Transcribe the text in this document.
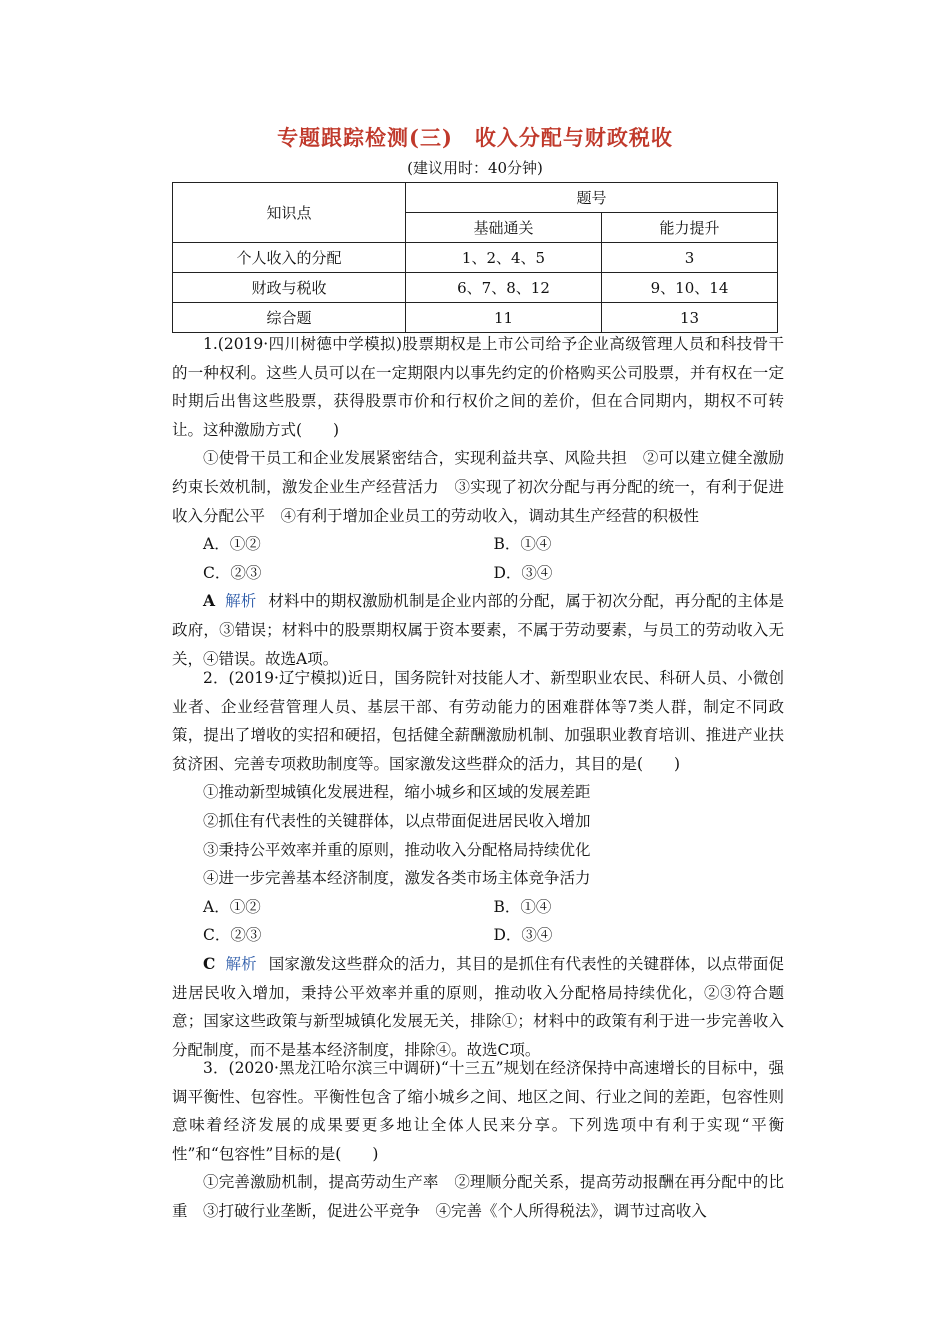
专题跟踪检测(三)　收入分配与财政税收
(建议用时：40分钟)
知识点	题号	
	基础通关	能力提升
个人收入的分配	1、2、4、5	3
财政与税收	6、7、8、12	9、10、14
综合题	11	13

1.(2019·四川树德中学模拟)股票期权是上市公司给予企业高级管理人员和科技骨干的一种权利。这些人员可以在一定期限内以事先约定的价格购买公司股票，并有权在一定时期后出售这些股票，获得股票市价和行权价之间的差价，但在合同期内，期权不可转让。这种激励方式(　　)

①使骨干员工和企业发展紧密结合，实现利益共享、风险共担　②可以建立健全激励约束长效机制，激发企业生产经营活力　③实现了初次分配与再分配的统一，有利于促进收入分配公平　④有利于增加企业员工的劳动收入，调动其生产经营的积极性

A．①②	B．①④
C．②③	D．③④

A 解析 材料中的期权激励机制是企业内部的分配，属于初次分配，再分配的主体是政府，③错误；材料中的股票期权属于资本要素，不属于劳动要素，与员工的劳动收入无关，④错误。故选A项。

2．(2019·辽宁模拟)近日，国务院针对技能人才、新型职业农民、科研人员、小微创业者、企业经营管理人员、基层干部、有劳动能力的困难群体等7类人群，制定不同政策，提出了增收的实招和硬招，包括健全薪酬激励机制、加强职业教育培训、推进产业扶贫济困、完善专项救助制度等。国家激发这些群众的活力，其目的是(　　)

①推动新型城镇化发展进程，缩小城乡和区域的发展差距

②抓住有代表性的关键群体，以点带面促进居民收入增加

③秉持公平效率并重的原则，推动收入分配格局持续优化

④进一步完善基本经济制度，激发各类市场主体竞争活力

A．①②	B．①④
C．②③	D．③④

C 解析 国家激发这些群众的活力，其目的是抓住有代表性的关键群体，以点带面促进居民收入增加，秉持公平效率并重的原则，推动收入分配格局持续优化，②③符合题意；国家这些政策与新型城镇化发展无关，排除①；材料中的政策有利于进一步完善收入分配制度，而不是基本经济制度，排除④。故选C项。

3．(2020·黑龙江哈尔滨三中调研)“十三五”规划在经济保持中高速增长的目标中，强调平衡性、包容性。平衡性包含了缩小城乡之间、地区之间、行业之间的差距，包容性则意味着经济发展的成果要更多地让全体人民来分享。下列选项中有利于实现“平衡性”和“包容性”目标的是(　　)

①完善激励机制，提高劳动生产率　②理顺分配关系，提高劳动报酬在再分配中的比重　③打破行业垄断，促进公平竞争　④完善《个人所得税法》，调节过高收入
